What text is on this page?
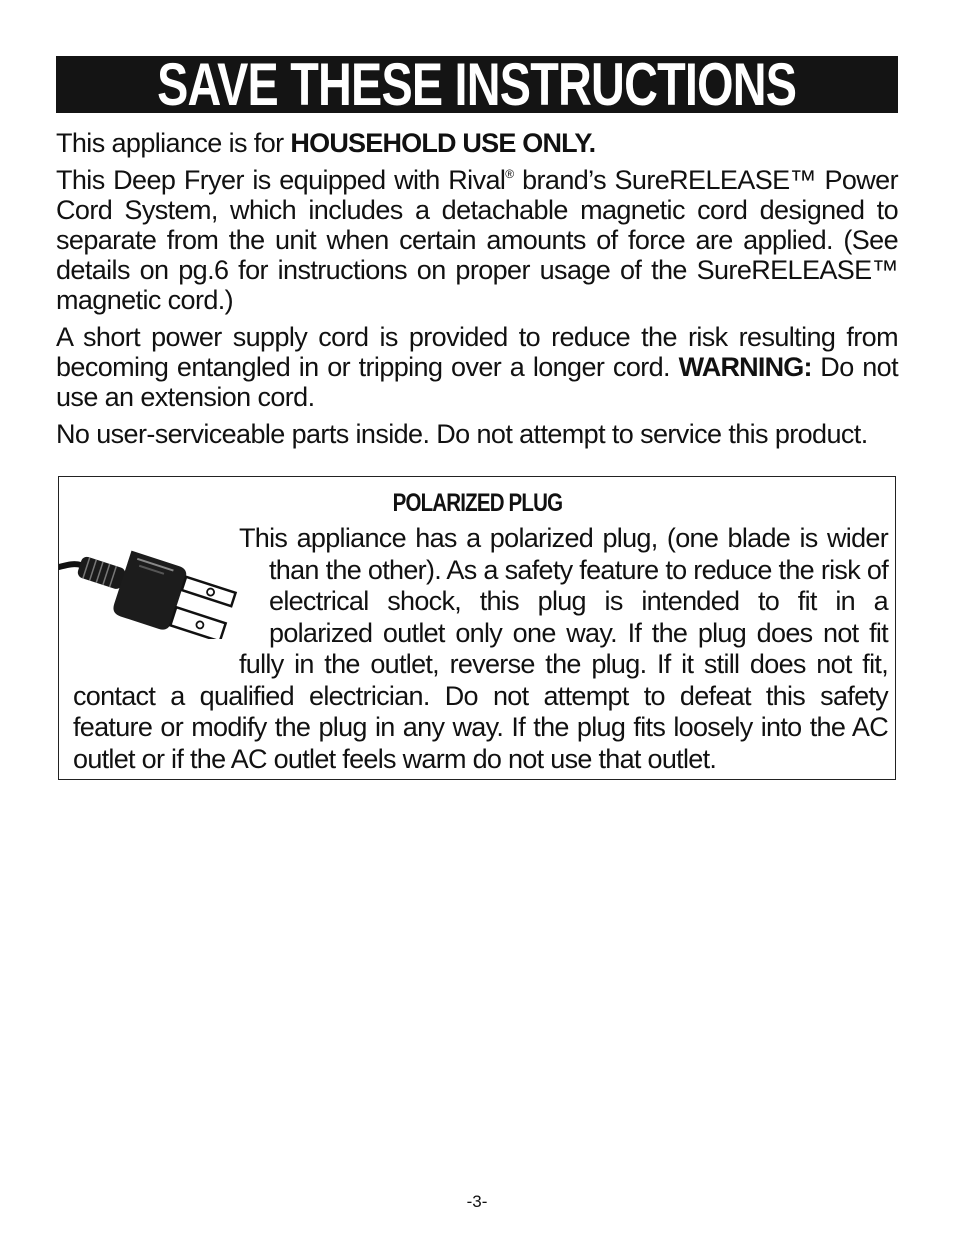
SAVE THESE INSTRUCTIONS

This appliance is for HOUSEHOLD USE ONLY.

This Deep Fryer is equipped with Rival® brand’s SureRELEASE™ Power Cord System, which includes a detachable magnetic cord designed to separate from the unit when certain amounts of force are applied. (See details on pg.6 for instructions on proper usage of the SureRELEASE™ magnetic cord.)

A short power supply cord is provided to reduce the risk resulting from becoming entangled in or tripping over a longer cord. WARNING: Do not use an extension cord.

No user-serviceable parts inside. Do not attempt to service this product.

POLARIZED PLUG
This appliance has a polarized plug, (one blade is wider than the other). As a safety feature to reduce the risk of electrical shock, this plug is intended to fit in a polarized outlet only one way. If the plug does not fit fully in the outlet, reverse the plug. If it still does not fit, contact a qualified electrician. Do not attempt to defeat this safety feature or modify the plug in any way. If the plug fits loosely into the AC outlet or if the AC outlet feels warm do not use that outlet.
-3-
